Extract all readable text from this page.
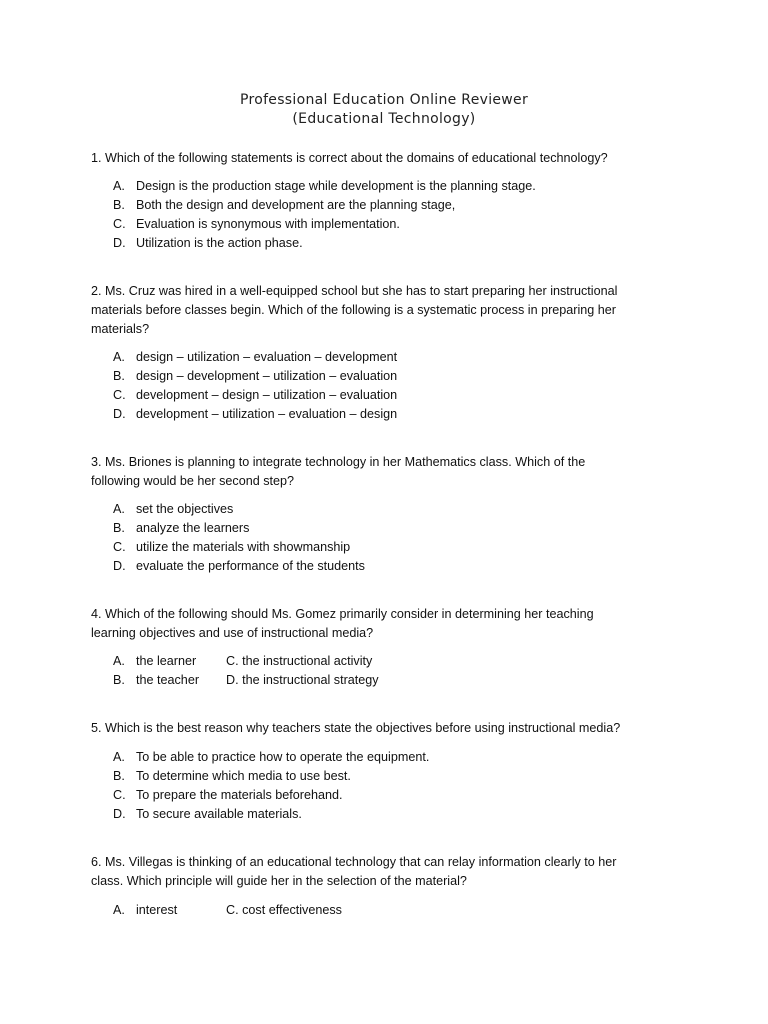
Professional Education Online Reviewer
(Educational Technology)
1. Which of the following statements is correct about the domains of educational technology?
A. Design is the production stage while development is the planning stage.
B. Both the design and development are the planning stage,
C. Evaluation is synonymous with implementation.
D. Utilization is the action phase.
2. Ms. Cruz was hired in a well-equipped school but she has to start preparing her instructional materials before classes begin. Which of the following is a systematic process in preparing her materials?
A. design – utilization – evaluation – development
B. design – development – utilization – evaluation
C. development – design – utilization – evaluation
D. development – utilization – evaluation – design
3. Ms. Briones is planning to integrate technology in her Mathematics class. Which of the following would be her second step?
A. set the objectives
B. analyze the learners
C. utilize the materials with showmanship
D. evaluate the performance of the students
4. Which of the following should Ms. Gomez primarily consider in determining her teaching learning objectives and use of instructional media?
A. the learner	C. the instructional activity
B. the teacher	D. the instructional strategy
5. Which is the best reason why teachers state the objectives before using instructional media?
A. To be able to practice how to operate the equipment.
B. To determine which media to use best.
C. To prepare the materials beforehand.
D. To secure available materials.
6. Ms. Villegas is thinking of an educational technology that can relay information clearly to her class. Which principle will guide her in the selection of the material?
A. interest	C. cost effectiveness
